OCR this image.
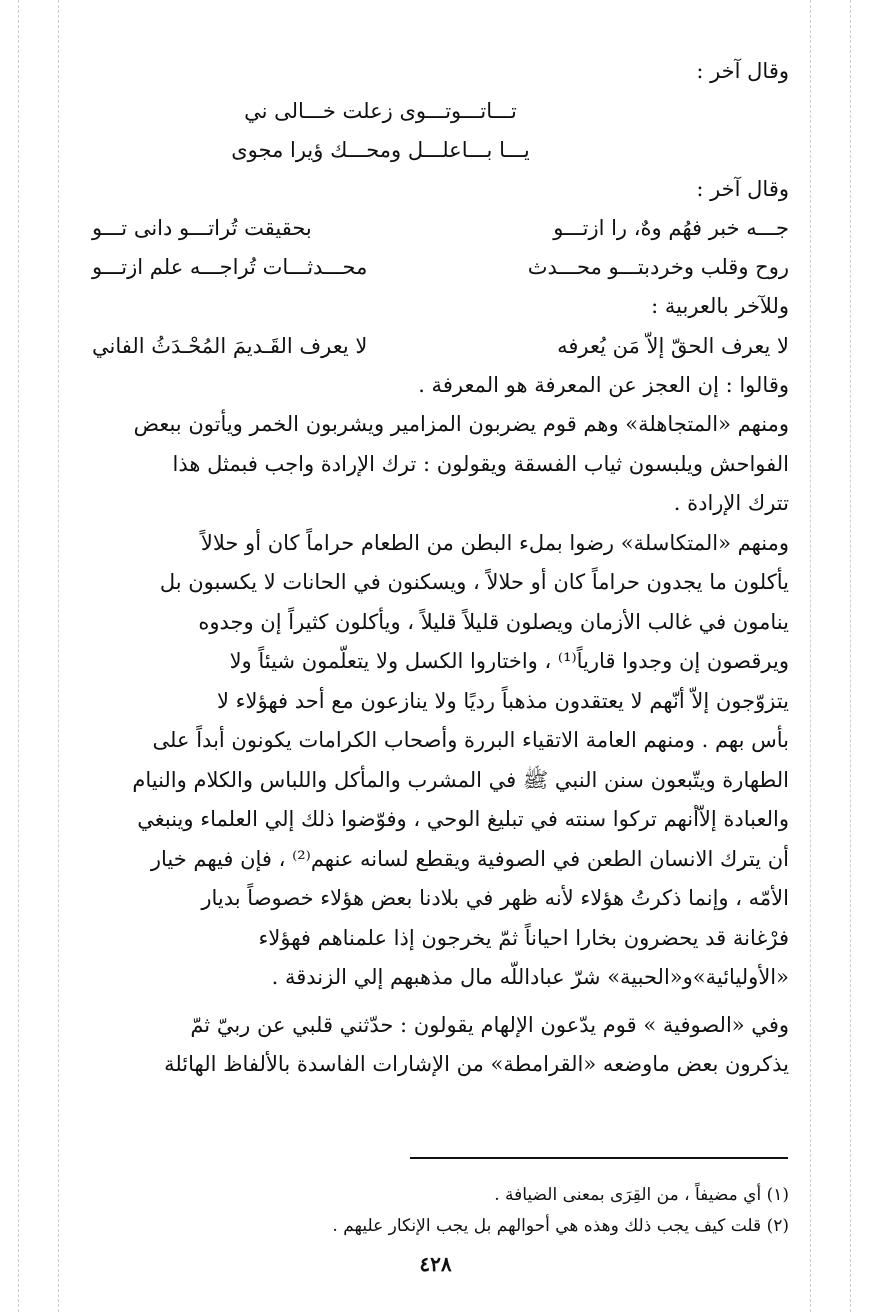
وقال آخر :

تـــاتـــوتـــوى زعلت خـــالى ني
يـــا بـــاعلـــل ومحـــك ؤيرا مجوى

وقال آخر :

جـــه خبر فهُم وهٌ، را ازتـــو
بحقيقت تُراتـــو دانى تـــو
روح وقلب وخردبتـــو محـــدث
محـــدثـــات تُراجـــه علم ازتـــو

وللآخر بالعربية :

لا يعرف الحقّ إلاّ مَن يُعرفه
لا يعرف القَـديمَ المُحْـدَثُ الفاني

وقالوا : إن العجز عن المعرفة هو المعرفة .

ومنهم «المتجاهلة» وهم قوم يضربون المزامير ويشربون الخمر ويأتون ببعض

الفواحش ويلبسون ثياب الفسقة ويقولون : ترك الإرادة واجب فبمثل هذا

تترك الإرادة .

ومنهم «المتكاسلة» رضوا بملء البطن من الطعام حراماً كان أو حلالاً

يأكلون ما يجدون حراماً كان أو حلالاً ، ويسكنون في الحانات لا يكسبون بل

ينامون في غالب الأزمان ويصلون قليلاً قليلاً ، ويأكلون كثيراً إن وجدوه

ويرقصون إن وجدوا قارياً⁽¹⁾ ، واختاروا الكسل ولا يتعلّمون شيئاً ولا

يتزوّجون إلاّ أنّهم لا يعتقدون مذهباً رديًا ولا ينازعون مع أحد فهؤلاء لا

بأس بهم . ومنهم العامة الاتقياء البررة وأصحاب الكرامات يكونون أبداً على

الطهارة ويتّبعون سنن النبي ﷺ في المشرب والمأكل واللباس والكلام والنيام

والعبادة إلاّأنهم تركوا سنته في تبليغ الوحي ، وفوّضوا ذلك إلي العلماء وينبغي

أن يترك الانسان الطعن في الصوفية ويقطع لسانه عنهم⁽²⁾ ، فإن فيهم خيار

الأمّه ، وإنما ذكرتُ هؤلاء لأنه ظهر في بلادنا بعض هؤلاء خصوصاً بديار

فرْغانة قد يحضرون بخارا احياناً ثمّ يخرجون إذا علمناهم فهؤلاء

«الأوليائية»و«الحبية» شرّ عباداللّه مال مذهبهم إلي الزندقة .

وفي «الصوفية » قوم يدّعون الإلهام يقولون : حدّثني قلبي عن ربيّ ثمّ

يذكرون بعض ماوضعه «القرامطة» من الإشارات الفاسدة بالألفاظ الهائلة

(١) أي مضيفاً ، من القِرَى بمعنى الضيافة .

(٢) قلت كيف يجب ذلك وهذه هي أحوالهم بل يجب الإنكار عليهم .

٤٢٨
